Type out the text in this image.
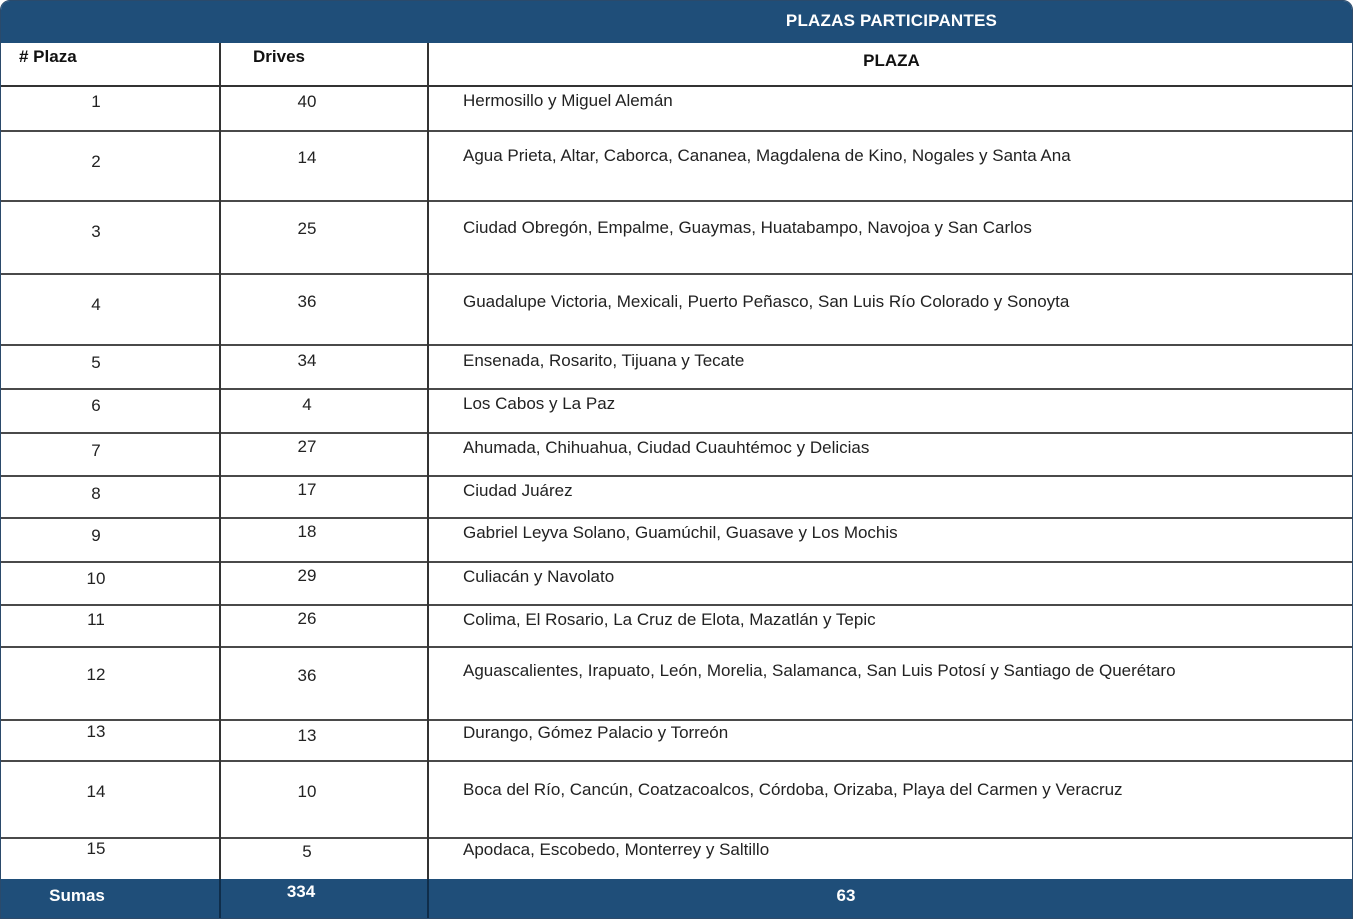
PLAZAS PARTICIPANTES
# Plaza	Drives	PLAZA
1	40	Hermosillo y Miguel Alemán
2	14	Agua Prieta, Altar, Caborca, Cananea, Magdalena de Kino, Nogales y Santa Ana
3	25	Ciudad Obregón, Empalme, Guaymas, Huatabampo, Navojoa y San Carlos
4	36	Guadalupe Victoria, Mexicali, Puerto Peñasco, San Luis Río Colorado y Sonoyta
5	34	Ensenada, Rosarito, Tijuana y Tecate
6	4	Los Cabos y La Paz
7	27	Ahumada, Chihuahua, Ciudad Cuauhtémoc y Delicias
8	17	Ciudad Juárez
9	18	Gabriel Leyva Solano, Guamúchil, Guasave y Los Mochis
10	29	Culiacán y Navolato
11	26	Colima, El Rosario, La Cruz de Elota, Mazatlán y Tepic
12	36	Aguascalientes, Irapuato, León, Morelia, Salamanca, San Luis Potosí y Santiago de Querétaro
13	13	Durango, Gómez Palacio y Torreón
14	10	Boca del Río, Cancún, Coatzacoalcos, Córdoba, Orizaba, Playa del Carmen y Veracruz
15	5	Apodaca, Escobedo, Monterrey y Saltillo
Sumas	334	63
